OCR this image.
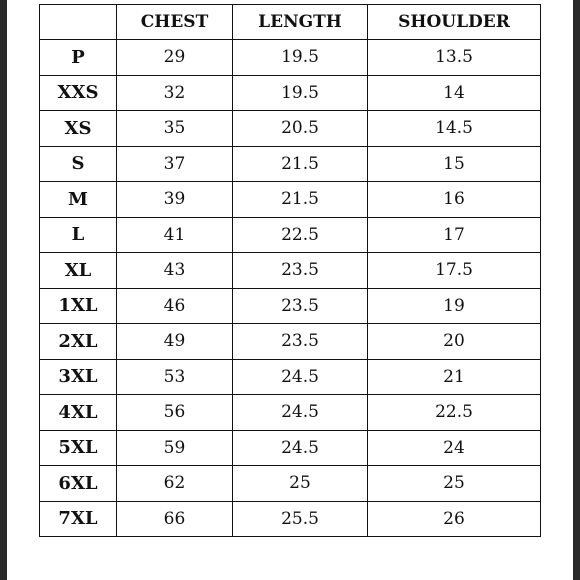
	CHEST	LENGTH	SHOULDER
P	29	19.5	13.5
XXS	32	19.5	14
XS	35	20.5	14.5
S	37	21.5	15
M	39	21.5	16
L	41	22.5	17
XL	43	23.5	17.5
1XL	46	23.5	19
2XL	49	23.5	20
3XL	53	24.5	21
4XL	56	24.5	22.5
5XL	59	24.5	24
6XL	62	25	25
7XL	66	25.5	26
